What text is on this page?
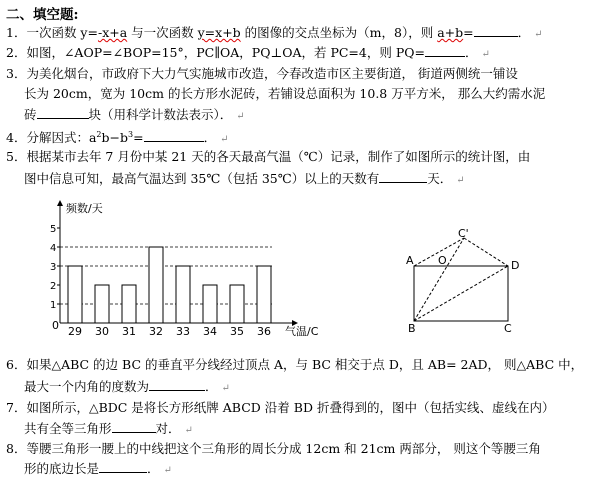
二、填空题:
1．一次函数 y=-x+a 与一次函数 y=x+b 的图像的交点坐标为（m，8），则 a+b=	． ↵
2．如图，∠AOP=∠BOP=15°，PC∥OA，PQ⊥OA，若 PC=4，则 PQ=	． ↵
3．为美化烟台，市政府下大力气实施城市改造，今春改造市区主要街道， 街道两侧统一铺设
长为 20cm，宽为 10cm 的长方形水泥砖，若铺设总面积为 10.8 万平方米， 那么大约需水泥
砖	块（用科学计数法表示）． ↵
4．分解因式：$a^2b-b^3=$	． ↵
5．根据某市去年 7 月份中某 21 天的各天最高气温（℃）记录，制作了如图所示的统计图，由
图中信息可知，最高气温达到 35℃（包括 35℃）以上的天数有	天． ↵
1
2
3
4
5
29 30 31 32 33 34 35 36
频数/天
气温/C
0
A O
C'
D
B	C
6．如果△ABC 的边 BC 的垂直平分线经过顶点 A，与 BC 相交于点 D，且 AB= 2AD， 则△ABC 中，
最大一个内角的度数为	． ↵
7．如图所示，△BDC 是将长方形纸牌 ABCD 沿着 BD 折叠得到的，图中（包括实线、虚线在内）
共有全等三角形	对． ↵
8．等腰三角形一腰上的中线把这个三角形的周长分成 12cm 和 21cm 两部分， 则这个等腰三角
形的底边长是	． ↵
